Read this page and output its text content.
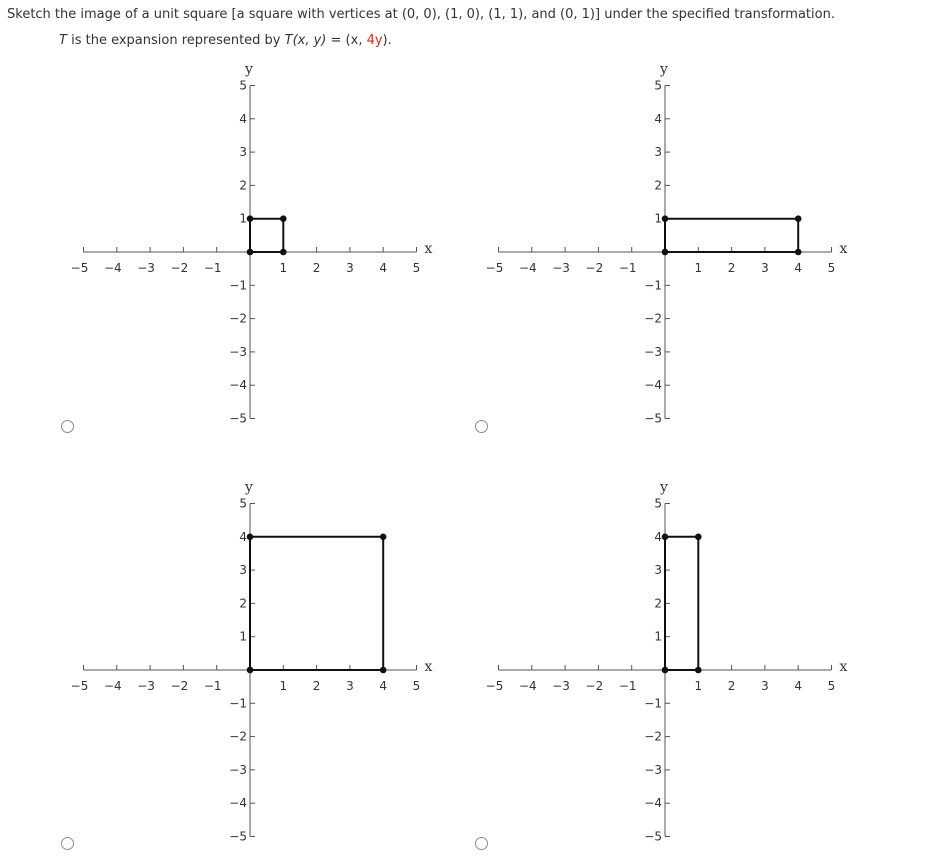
Sketch the image of a unit square [a square with vertices at (0, 0), (1, 0), (1, 1), and (0, 1)] under the specified transformation.
T is the expansion represented by T(x, y) = (x, 4y).
−5 −4 −3 −2 −1	1 2 3 4 5
−5
−4
−3
−2
−1
1
2
3
4
5
x
y
−5 −4 −3 −2 −1	1 2 3 4 5
−5
−4
−3
−2
−1
1
2
3
4
5
x
y
−5 −4 −3 −2 −1	1 2 3 4 5
−5
−4
−3
−2
−1
1
2
3
4
5
x
y
−5 −4 −3 −2 −1	1 2 3 4 5
−5
−4
−3
−2
−1
1
2
3
4
5
x
y
